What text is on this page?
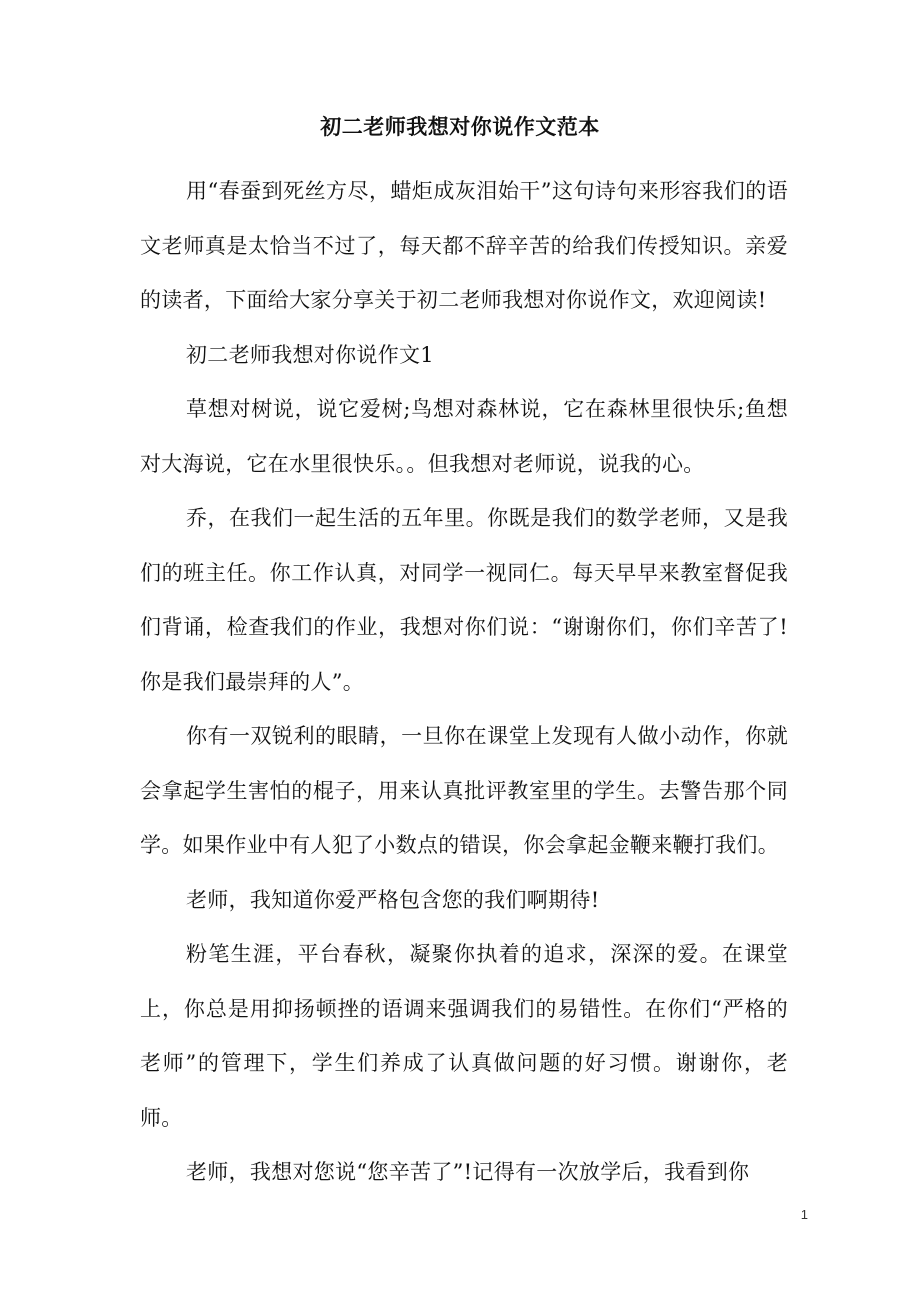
初二老师我想对你说作文范本

用“春蚕到死丝方尽，蜡炬成灰泪始干”这句诗句来形容我们的语文老师真是太恰当不过了，每天都不辞辛苦的给我们传授知识。亲爱的读者，下面给大家分享关于初二老师我想对你说作文，欢迎阅读!

初二老师我想对你说作文1

草想对树说，说它爱树;鸟想对森林说，它在森林里很快乐;鱼想对大海说，它在水里很快乐。。但我想对老师说，说我的心。

乔，在我们一起生活的五年里。你既是我们的数学老师，又是我们的班主任。你工作认真，对同学一视同仁。每天早早来教室督促我们背诵，检查我们的作业，我想对你们说：“谢谢你们，你们辛苦了!你是我们最崇拜的人”。

你有一双锐利的眼睛，一旦你在课堂上发现有人做小动作，你就会拿起学生害怕的棍子，用来认真批评教室里的学生。去警告那个同学。如果作业中有人犯了小数点的错误，你会拿起金鞭来鞭打我们。

老师，我知道你爱严格包含您的我们啊期待!

粉笔生涯，平台春秋，凝聚你执着的追求，深深的爱。在课堂上，你总是用抑扬顿挫的语调来强调我们的易错性。在你们“严格的老师”的管理下，学生们养成了认真做问题的好习惯。谢谢你，老师。

老师，我想对您说“您辛苦了”!记得有一次放学后，我看到你

1
